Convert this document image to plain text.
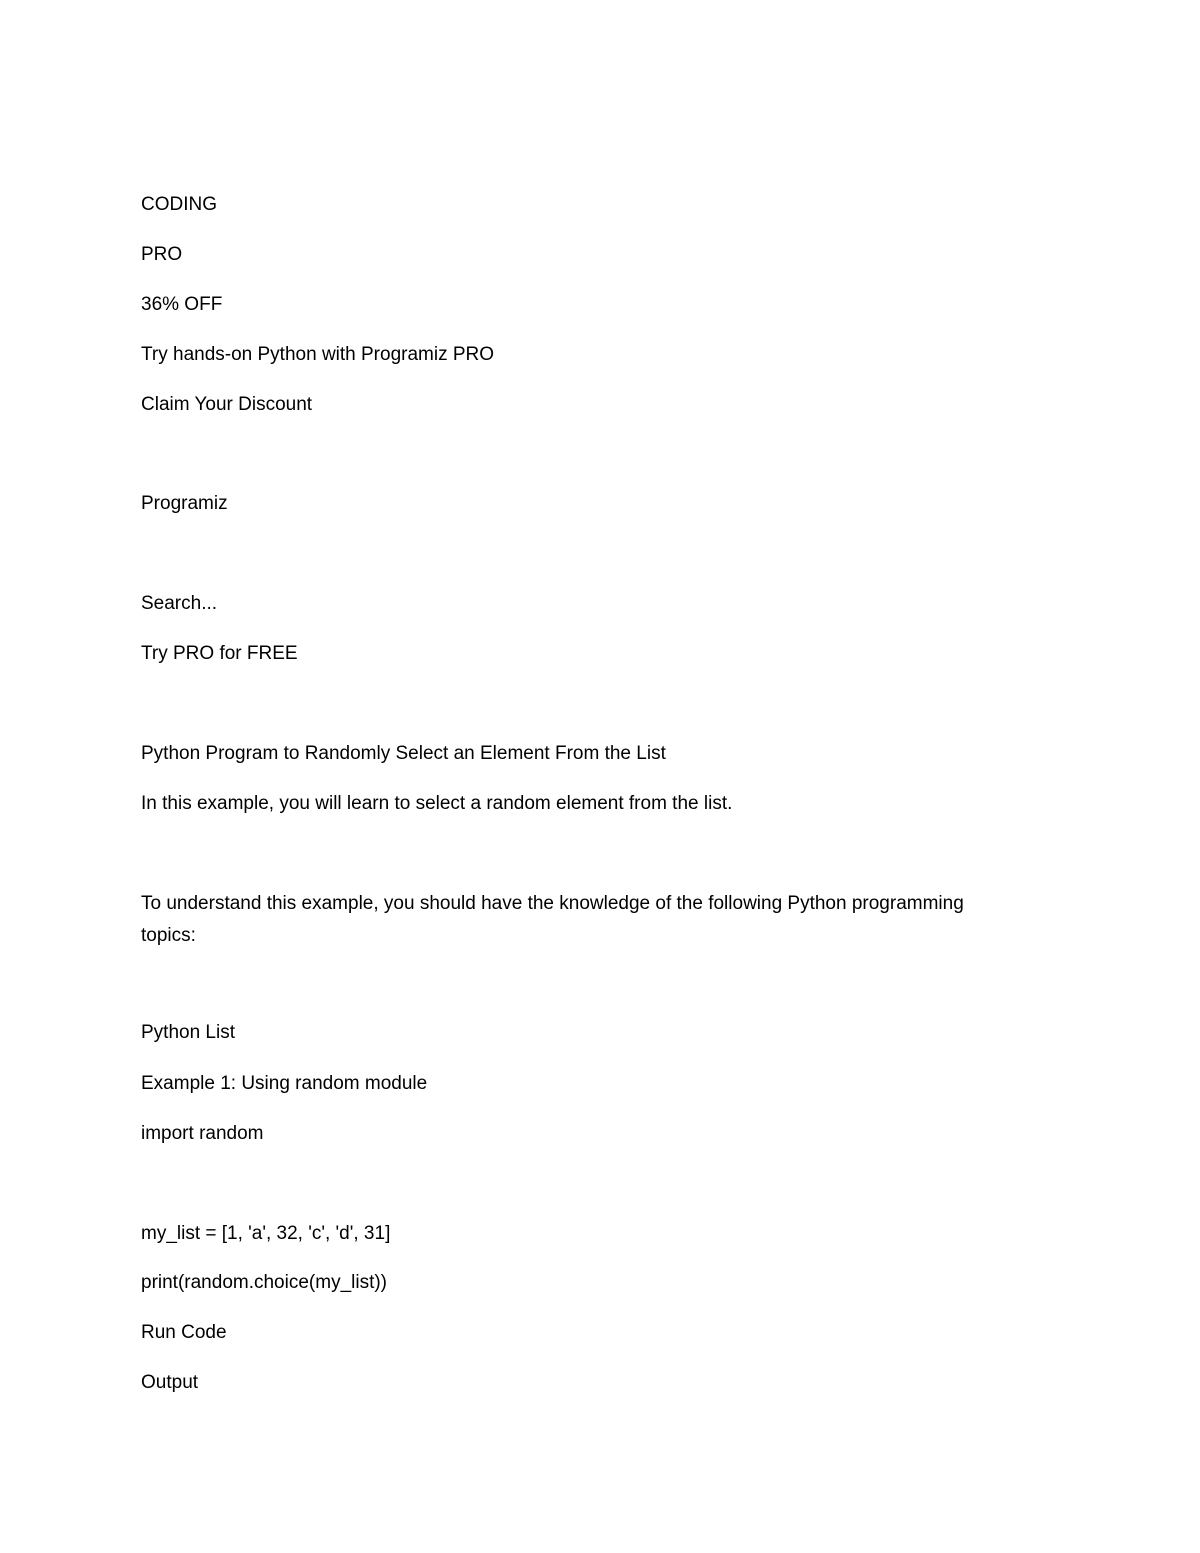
CODING
PRO
36% OFF
Try hands-on Python with Programiz PRO
Claim Your Discount
Programiz
Search...
Try PRO for FREE
Python Program to Randomly Select an Element From the List
In this example, you will learn to select a random element from the list.
To understand this example, you should have the knowledge of the following Python programming topics:
Python List
Example 1: Using random module
import random
my_list = [1, 'a', 32, 'c', 'd', 31]
print(random.choice(my_list))
Run Code
Output
